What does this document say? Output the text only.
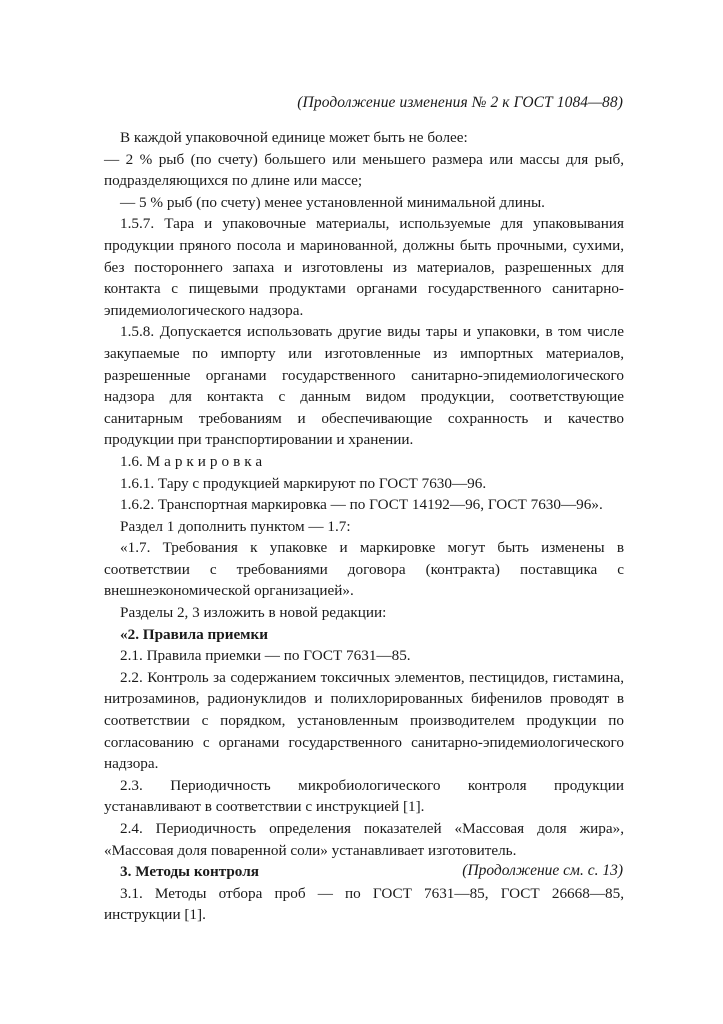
(Продолжение изменения № 2 к ГОСТ 1084—88)

В каждой упаковочной единице может быть не более:

— 2 % рыб (по счету) большего или меньшего размера или массы для рыб, подразделяющихся по длине или массе;

— 5 % рыб (по счету) менее установленной минимальной длины.

1.5.7. Тара и упаковочные материалы, используемые для упаковывания продукции пряного посола и маринованной, должны быть прочными, сухими, без постороннего запаха и изготовлены из материалов, разрешенных для контакта с пищевыми продуктами органами государственного санитарно-эпидемиологического надзора.

1.5.8. Допускается использовать другие виды тары и упаковки, в том числе закупаемые по импорту или изготовленные из импортных материалов, разрешенные органами государственного санитарно-эпидемиологического надзора для контакта с данным видом продукции, соответствующие санитарным требованиям и обеспечивающие сохранность и качество продукции при транспортировании и хранении.

1.6. Маркировка

1.6.1. Тару с продукцией маркируют по ГОСТ 7630—96.

1.6.2. Транспортная маркировка — по ГОСТ 14192—96, ГОСТ 7630—96».

Раздел 1 дополнить пунктом — 1.7:

«1.7. Требования к упаковке и маркировке могут быть изменены в соответствии с требованиями договора (контракта) поставщика с внешнеэкономической организацией».

Разделы 2, 3 изложить в новой редакции:

«2. Правила приемки

2.1. Правила приемки — по ГОСТ 7631—85.

2.2. Контроль за содержанием токсичных элементов, пестицидов, гистамина, нитрозаминов, радионуклидов и полихлорированных бифенилов проводят в соответствии с порядком, установленным производителем продукции по согласованию с органами государственного санитарно-эпидемиологического надзора.

2.3. Периодичность микробиологического контроля продукции устанавливают в соответствии с инструкцией [1].

2.4. Периодичность определения показателей «Массовая доля жира», «Массовая доля поваренной соли» устанавливает изготовитель.

3. Методы контроля

3.1. Методы отбора проб — по ГОСТ 7631—85, ГОСТ 26668—85, инструкции [1].

(Продолжение см. с. 13)
